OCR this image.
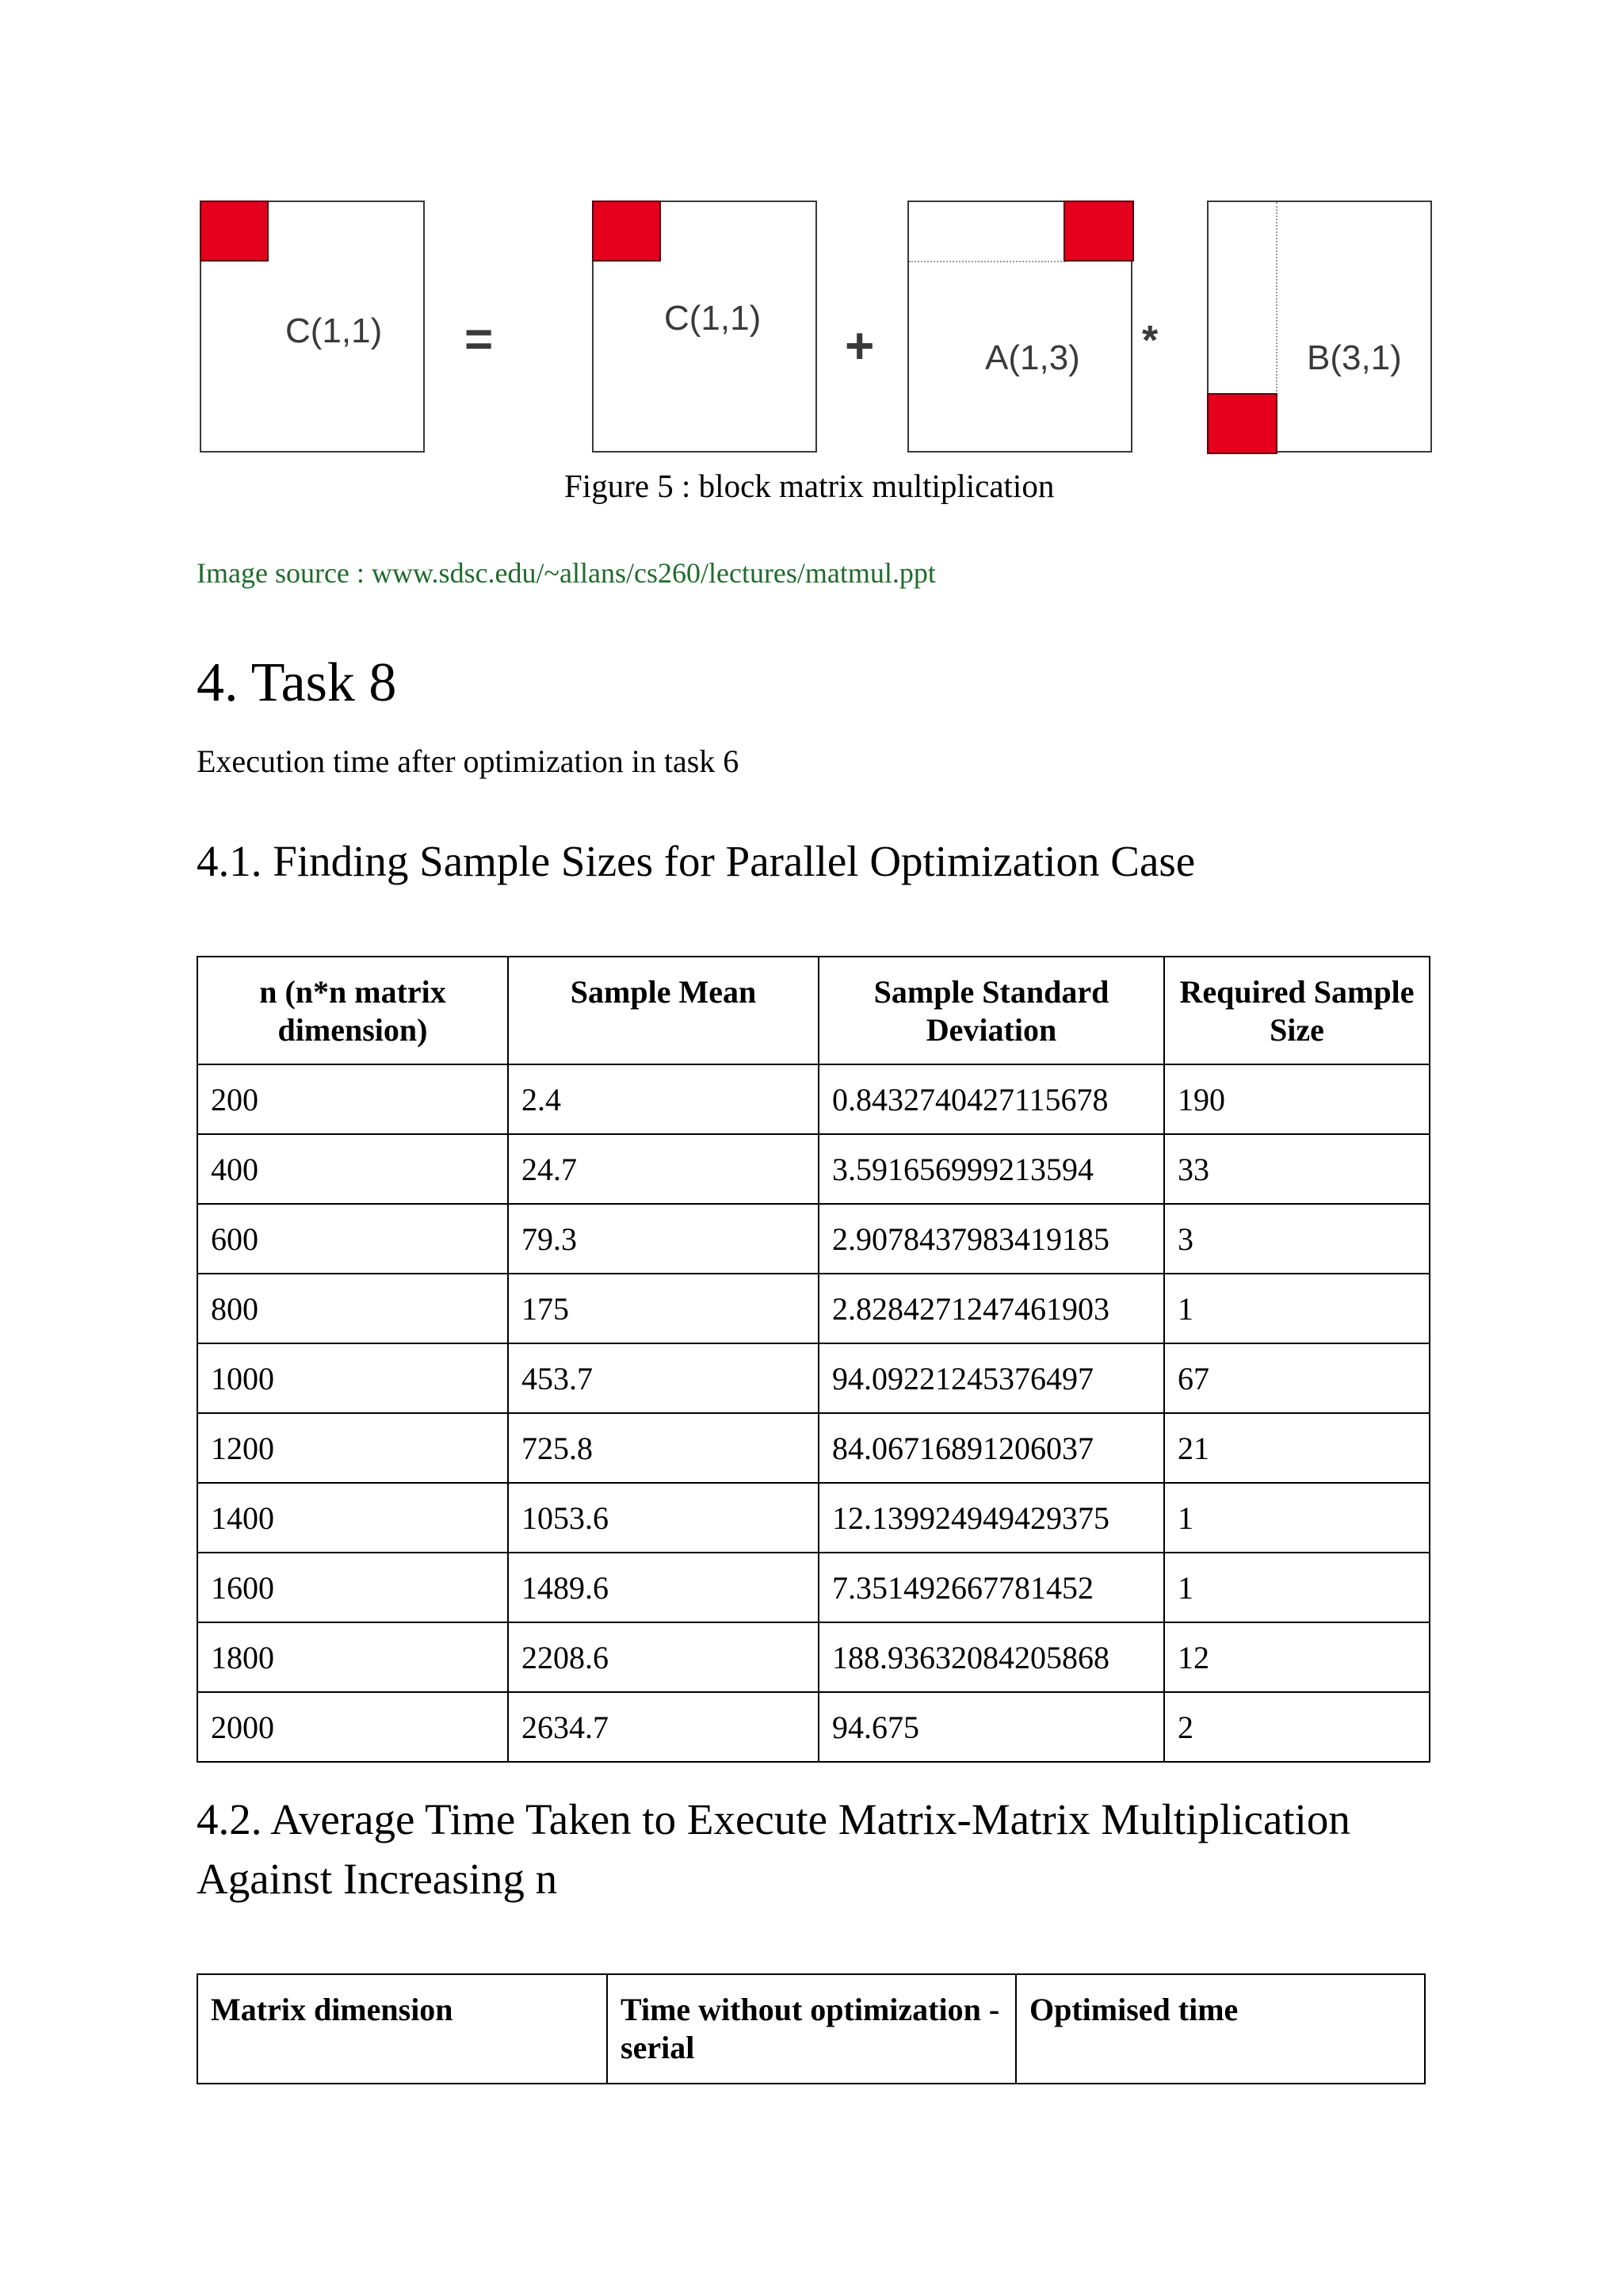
C(1,1) =	C(1,1) +	A(1,3) *	B(3,1)
Figure 5 : block matrix multiplication
Image source : www.sdsc.edu/~allans/cs260/lectures/matmul.ppt
4. Task 8
Execution time after optimization in task 6
4.1. Finding Sample Sizes for Parallel Optimization Case
n (n*n matrix dimension)	Sample Mean	Sample Standard Deviation	Required Sample Size
200	2.4	0.8432740427115678	190
400	24.7	3.591656999213594	33
600	79.3	2.9078437983419185	3
800	175	2.8284271247461903	1
1000	453.7	94.09221245376497	67
1200	725.8	84.06716891206037	21
1400	1053.6	12.139924949429375	1
1600	1489.6	7.351492667781452	1
1800	2208.6	188.93632084205868	12
2000	2634.7	94.675	2
4.2. Average Time Taken to Execute Matrix-Matrix Multiplication Against Increasing n
Matrix dimension	Time without optimization - serial	Optimised time
